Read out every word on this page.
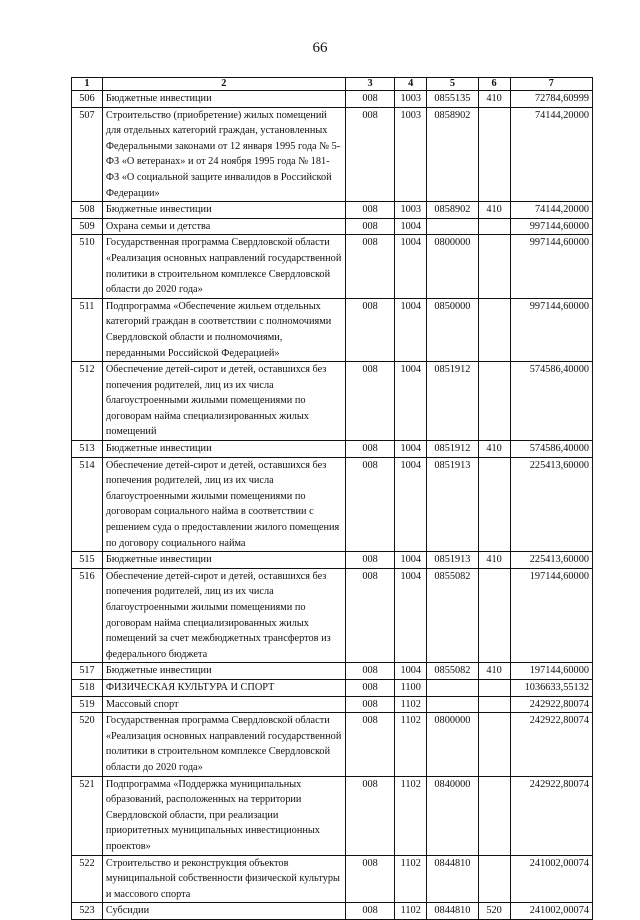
66
1	2	3	4	5	6	7
506	Бюджетные инвестиции	008	1003	0855135	410	72784,60999
507	Строительство (приобретение) жилых помещений для отдельных категорий граждан, установленных Федеральными законами от 12 января 1995 года № 5-ФЗ «О ветеранах» и от 24 ноября 1995 года № 181-ФЗ «О социальной защите инвалидов в Российской Федерации»	008	1003	0858902		74144,20000
508	Бюджетные инвестиции	008	1003	0858902	410	74144,20000
509	Охрана семьи и детства	008	1004			997144,60000
510	Государственная программа Свердловской области «Реализация основных направлений государственной политики в строительном комплексе Свердловской области до 2020 года»	008	1004	0800000		997144,60000
511	Подпрограмма «Обеспечение жильем отдельных категорий граждан в соответствии с полномочиями Свердловской области и полномочиями, переданными Российской Федерацией»	008	1004	0850000		997144,60000
512	Обеспечение детей-сирот и детей, оставшихся без попечения родителей, лиц из их числа благоустроенными жилыми помещениями по договорам найма специализированных жилых помещений	008	1004	0851912		574586,40000
513	Бюджетные инвестиции	008	1004	0851912	410	574586,40000
514	Обеспечение детей-сирот и детей, оставшихся без попечения родителей, лиц из их числа благоустроенными жилыми помещениями по договорам социального найма в соответствии с решением суда о предоставлении жилого помещения по договору социального найма	008	1004	0851913		225413,60000
515	Бюджетные инвестиции	008	1004	0851913	410	225413,60000
516	Обеспечение детей-сирот и детей, оставшихся без попечения родителей, лиц из их числа благоустроенными жилыми помещениями по договорам найма специализированных жилых помещений за счет межбюджетных трансфертов из федерального бюджета	008	1004	0855082		197144,60000
517	Бюджетные инвестиции	008	1004	0855082	410	197144,60000
518	ФИЗИЧЕСКАЯ КУЛЬТУРА И СПОРТ	008	1100			1036633,55132
519	Массовый спорт	008	1102			242922,80074
520	Государственная программа Свердловской области «Реализация основных направлений государственной политики в строительном комплексе Свердловской области до 2020 года»	008	1102	0800000		242922,80074
521	Подпрограмма «Поддержка муниципальных образований, расположенных на территории Свердловской области, при реализации приоритетных муниципальных инвестиционных проектов»	008	1102	0840000		242922,80074
522	Строительство и реконструкция объектов муниципальной собственности физической культуры и массового спорта	008	1102	0844810		241002,00074
523	Субсидии	008	1102	0844810	520	241002,00074
